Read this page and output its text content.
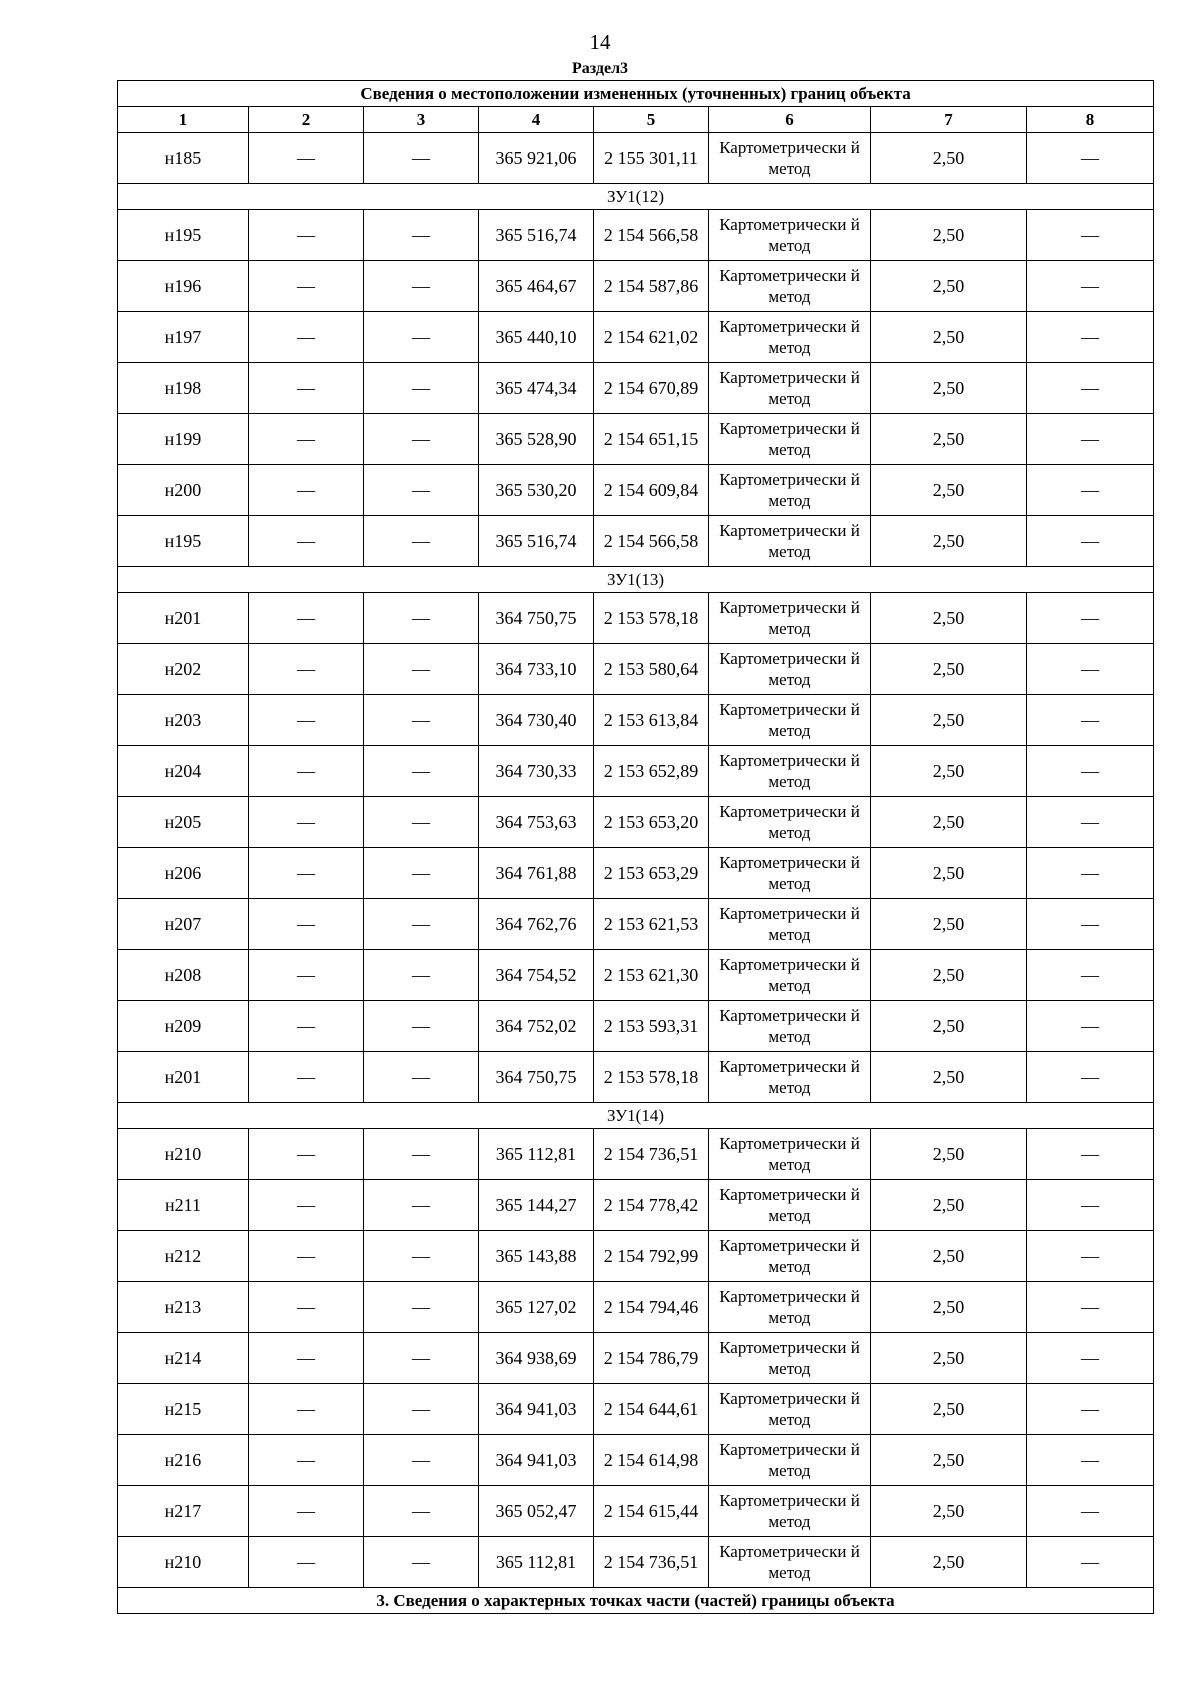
14
Раздел3
Сведения о местоположении измененных (уточненных) границ объекта							
1	2	3	4	5	6	7	8
н185	—	—	365 921,06	2 155 301,11	Картометрически й метод	2,50	—
ЗУ1(12)							
н195	—	—	365 516,74	2 154 566,58	Картометрически й метод	2,50	—
н196	—	—	365 464,67	2 154 587,86	Картометрически й метод	2,50	—
н197	—	—	365 440,10	2 154 621,02	Картометрически й метод	2,50	—
н198	—	—	365 474,34	2 154 670,89	Картометрически й метод	2,50	—
н199	—	—	365 528,90	2 154 651,15	Картометрически й метод	2,50	—
н200	—	—	365 530,20	2 154 609,84	Картометрически й метод	2,50	—
н195	—	—	365 516,74	2 154 566,58	Картометрически й метод	2,50	—
ЗУ1(13)							
н201	—	—	364 750,75	2 153 578,18	Картометрически й метод	2,50	—
н202	—	—	364 733,10	2 153 580,64	Картометрически й метод	2,50	—
н203	—	—	364 730,40	2 153 613,84	Картометрически й метод	2,50	—
н204	—	—	364 730,33	2 153 652,89	Картометрически й метод	2,50	—
н205	—	—	364 753,63	2 153 653,20	Картометрически й метод	2,50	—
н206	—	—	364 761,88	2 153 653,29	Картометрически й метод	2,50	—
н207	—	—	364 762,76	2 153 621,53	Картометрически й метод	2,50	—
н208	—	—	364 754,52	2 153 621,30	Картометрически й метод	2,50	—
н209	—	—	364 752,02	2 153 593,31	Картометрически й метод	2,50	—
н201	—	—	364 750,75	2 153 578,18	Картометрически й метод	2,50	—
ЗУ1(14)							
н210	—	—	365 112,81	2 154 736,51	Картометрически й метод	2,50	—
н211	—	—	365 144,27	2 154 778,42	Картометрически й метод	2,50	—
н212	—	—	365 143,88	2 154 792,99	Картометрически й метод	2,50	—
н213	—	—	365 127,02	2 154 794,46	Картометрически й метод	2,50	—
н214	—	—	364 938,69	2 154 786,79	Картометрически й метод	2,50	—
н215	—	—	364 941,03	2 154 644,61	Картометрически й метод	2,50	—
н216	—	—	364 941,03	2 154 614,98	Картометрически й метод	2,50	—
н217	—	—	365 052,47	2 154 615,44	Картометрически й метод	2,50	—
н210	—	—	365 112,81	2 154 736,51	Картометрически й метод	2,50	—
3. Сведения о характерных точках части (частей) границы объекта							
